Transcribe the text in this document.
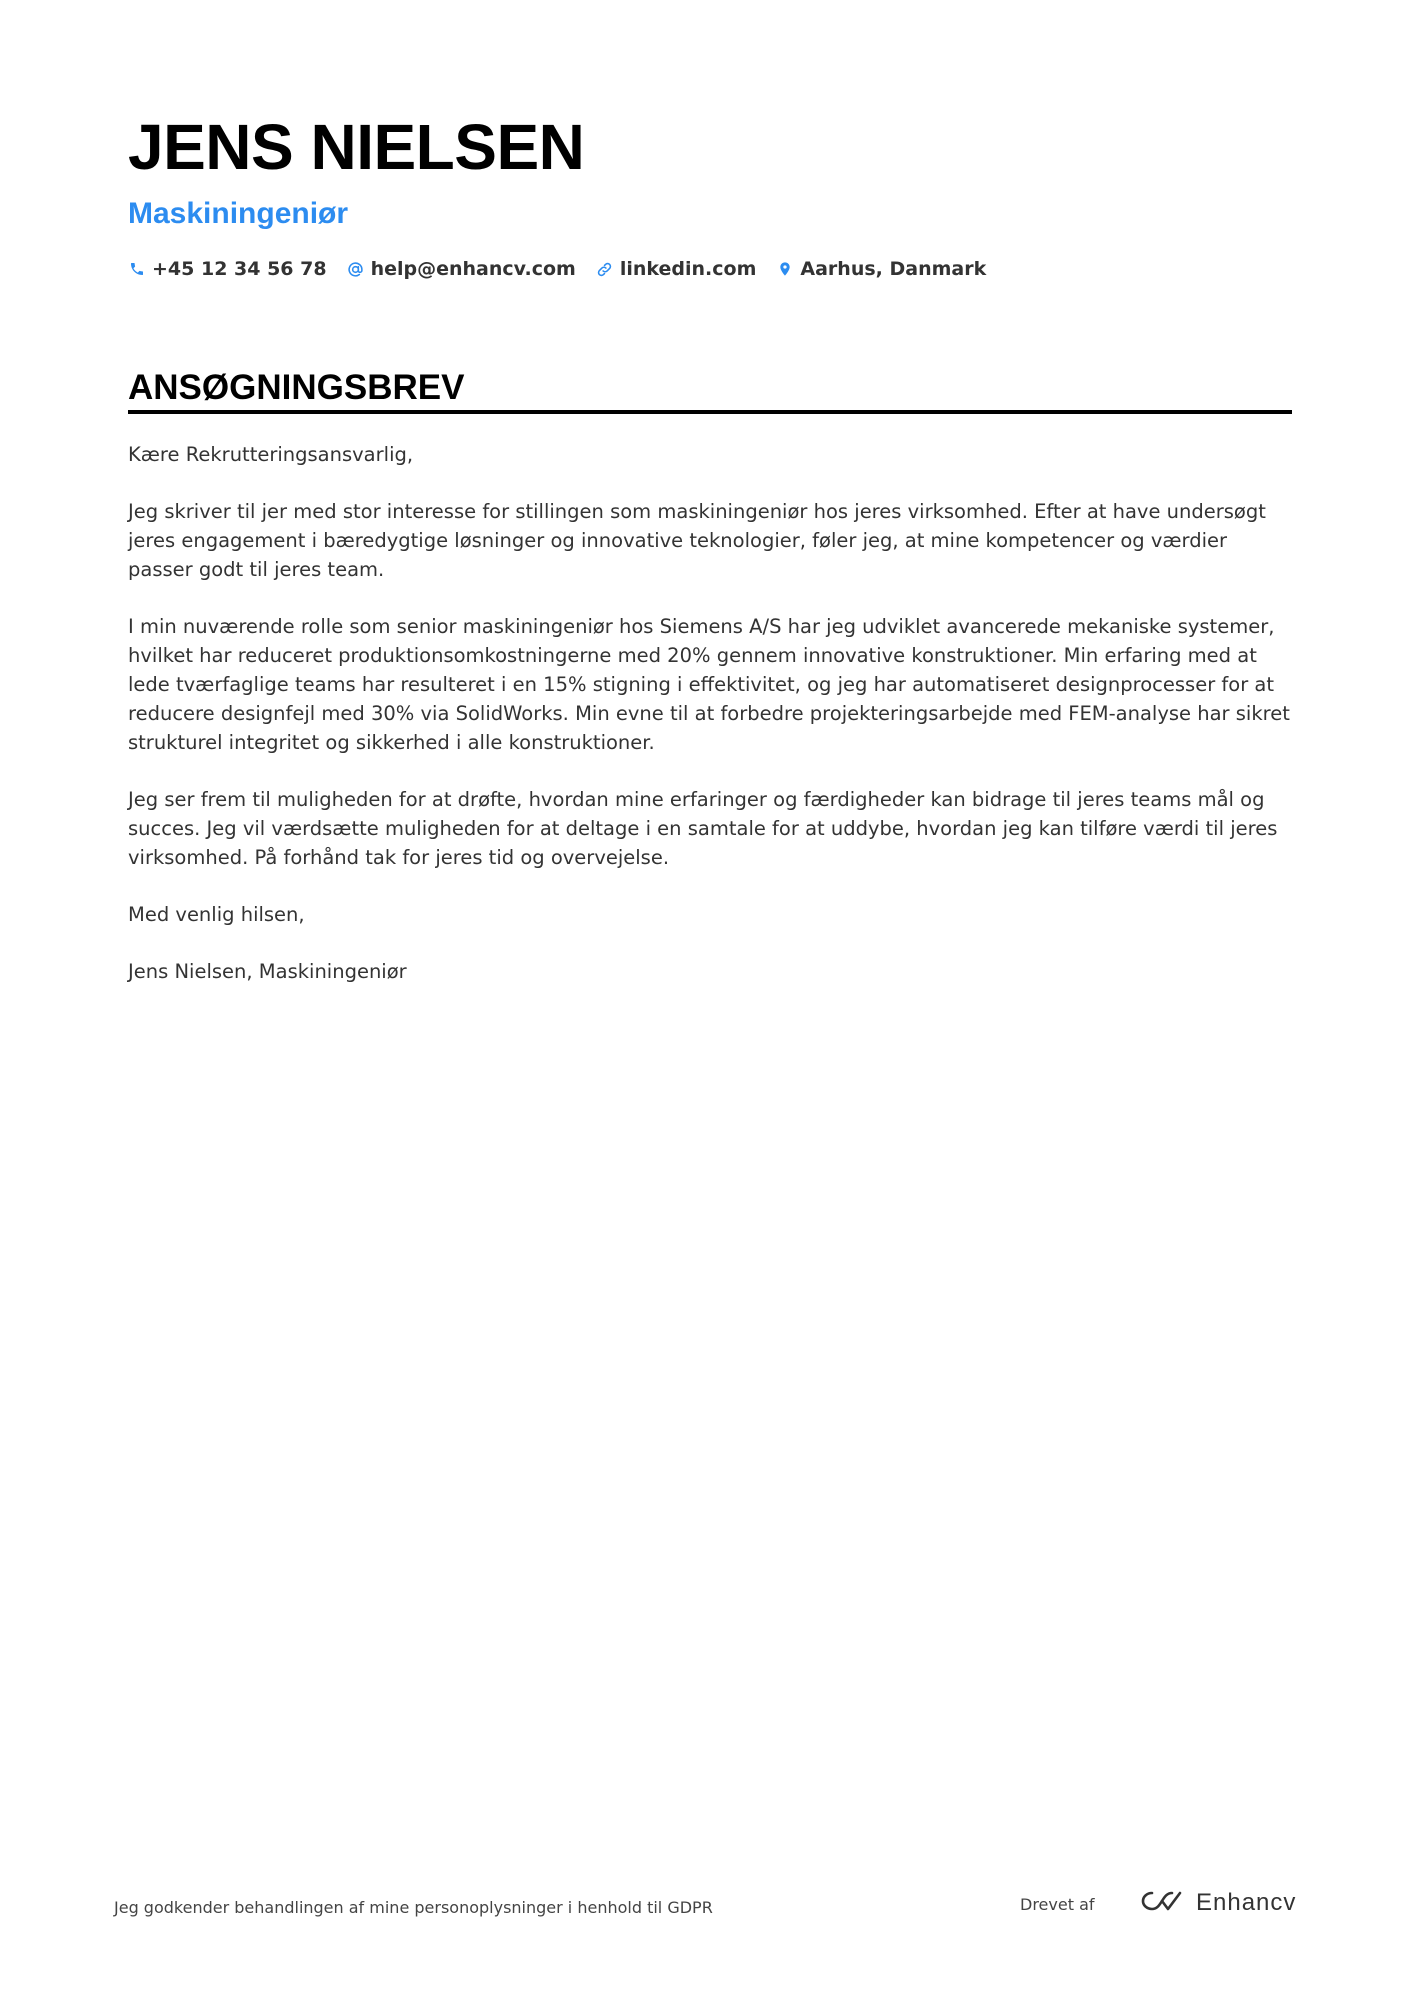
JENS NIELSEN
Maskiningeniør
+45 12 34 56 78 help@enhancv.com linkedin.com Aarhus, Danmark
ANSØGNINGSBREV

Kære Rekrutteringsansvarlig,

Jeg skriver til jer med stor interesse for stillingen som maskiningeniør hos jeres virksomhed. Efter at have undersøgt jeres engagement i bæredygtige løsninger og innovative teknologier, føler jeg, at mine kompetencer og værdier passer godt til jeres team.

I min nuværende rolle som senior maskiningeniør hos Siemens A/S har jeg udviklet avancerede mekaniske systemer, hvilket har reduceret produktionsomkostningerne med 20% gennem innovative konstruktioner. Min erfaring med at lede tværfaglige teams har resulteret i en 15% stigning i effektivitet, og jeg har automatiseret designprocesser for at reducere designfejl med 30% via SolidWorks. Min evne til at forbedre projekteringsarbejde med FEM-analyse har sikret strukturel integritet og sikkerhed i alle konstruktioner.

Jeg ser frem til muligheden for at drøfte, hvordan mine erfaringer og færdigheder kan bidrage til jeres teams mål og succes. Jeg vil værdsætte muligheden for at deltage i en samtale for at uddybe, hvordan jeg kan tilføre værdi til jeres virksomhed. På forhånd tak for jeres tid og overvejelse.

Med venlig hilsen,

Jens Nielsen, Maskiningeniør

Jeg godkender behandlingen af mine personoplysninger i henhold til GDPR	Drevet af	Enhancv
